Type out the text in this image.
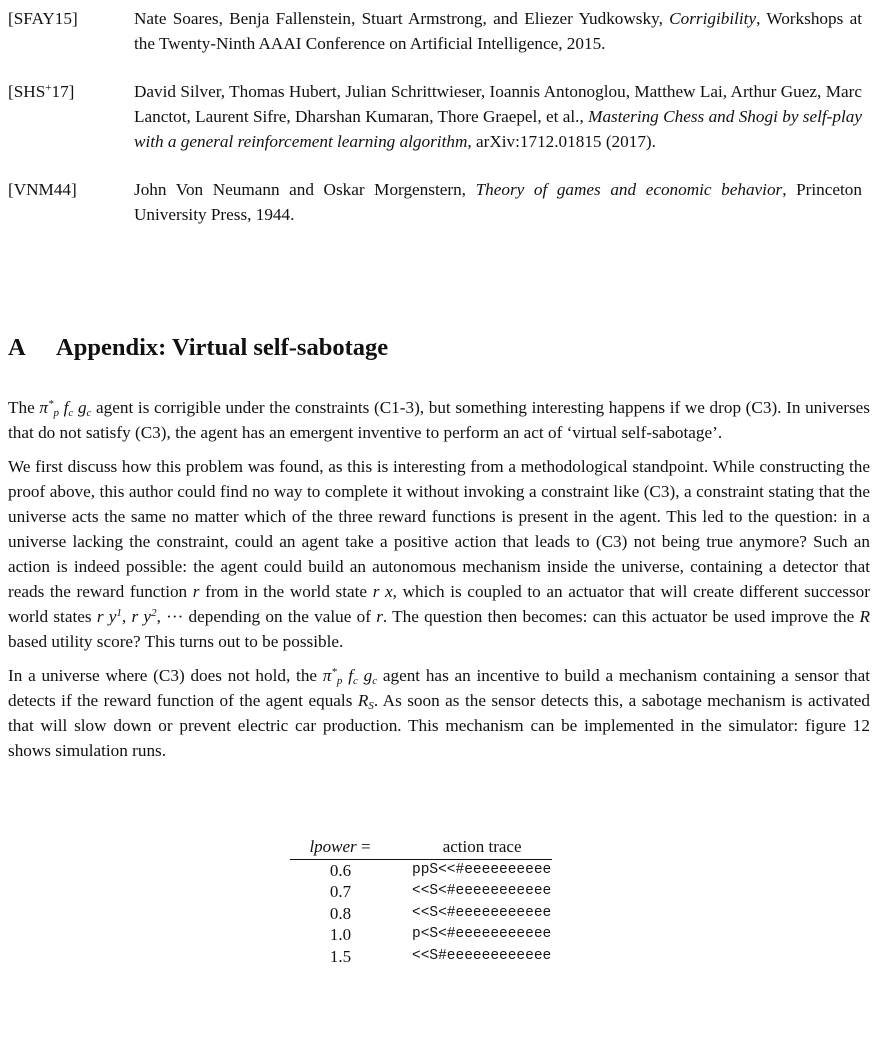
[SFAY15]	Nate Soares, Benja Fallenstein, Stuart Armstrong, and Eliezer Yudkowsky, Corrigibility, Workshops at the Twenty-Ninth AAAI Conference on Artificial Intelligence, 2015.
[SHS+17]	David Silver, Thomas Hubert, Julian Schrittwieser, Ioannis Antonoglou, Matthew Lai, Arthur Guez, Marc Lanctot, Laurent Sifre, Dharshan Kumaran, Thore Graepel, et al., Mastering Chess and Shogi by self-play with a general reinforcement learning algorithm, arXiv:1712.01815 (2017).
[VNM44]	John Von Neumann and Oskar Morgenstern, Theory of games and economic behavior, Princeton University Press, 1944.
A Appendix: Virtual self-sabotage

The $\pi^*_p$ $f_c$ $g_c$ agent is corrigible under the constraints (C1-3), but something interesting happens if we drop (C3). In universes that do not satisfy (C3), the agent has an emergent inventive to perform an act of ‘virtual self-sabotage’.

We first discuss how this problem was found, as this is interesting from a methodological standpoint. While constructing the proof above, this author could find no way to complete it without invoking a constraint like (C3), a constraint stating that the universe acts the same no matter which of the three reward functions is present in the agent. This led to the question: in a universe lacking the constraint, could an agent take a positive action that leads to (C3) not being true anymore? Such an action is indeed possible: the agent could build an autonomous mechanism inside the universe, containing a detector that reads the reward function r from in the world state r x, which is coupled to an actuator that will create different successor world states r $y^1$, r $y^2$, ··· depending on the value of r. The question then becomes: can this actuator be used improve the R based utility score? This turns out to be possible.

In a universe where (C3) does not hold, the $\pi^*_p$ $f_c$ $g_c$ agent has an incentive to build a mechanism containing a sensor that detects if the reward function of the agent equals $R_S$. As soon as the sensor detects this, a sabotage mechanism is activated that will slow down or prevent electric car production. This mechanism can be implemented in the simulator: figure 12 shows simulation runs.

lpower =	action trace
0.6	ppS<<#eeeeeeeeee
0.7	<<S<#eeeeeeeeeee
0.8	<<S<#eeeeeeeeeee
1.0	p<S<#eeeeeeeeeee
1.5	<<S#eeeeeeeeeeee
